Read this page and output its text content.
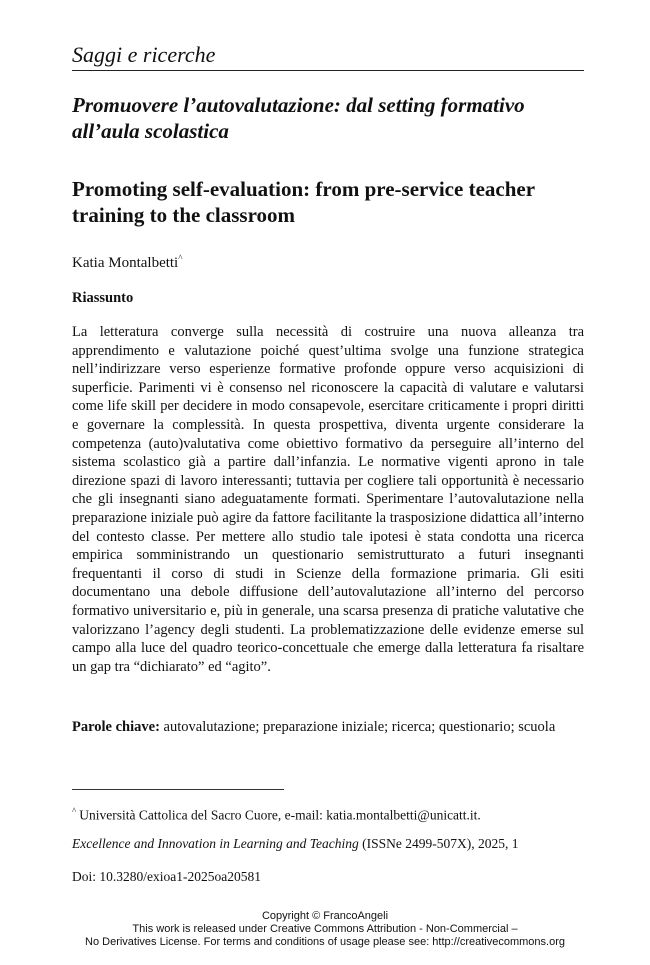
Saggi e ricerche
Promuovere l’autovalutazione: dal setting formativo all’aula scolastica
Promoting self-evaluation: from pre-service teacher training to the classroom
Katia Montalbetti^
Riassunto

La letteratura converge sulla necessità di costruire una nuova alleanza tra apprendimento e valutazione poiché quest’ultima svolge una funzione strategica nell’indirizzare verso esperienze formative profonde oppure verso acquisizioni di superficie. Parimenti vi è consenso nel riconoscere la capacità di valutare e valutarsi come life skill per decidere in modo consapevole, esercitare criticamente i propri diritti e governare la complessità. In questa prospettiva, diventa urgente considerare la competenza (auto)valutativa come obiettivo formativo da perseguire all’interno del sistema scolastico già a partire dall’infanzia. Le normative vigenti aprono in tale direzione spazi di lavoro interessanti; tuttavia per cogliere tali opportunità è necessario che gli insegnanti siano adeguatamente formati. Sperimentare l’autovalutazione nella preparazione iniziale può agire da fattore facilitante la trasposizione didattica all’interno del contesto classe. Per mettere allo studio tale ipotesi è stata condotta una ricerca empirica somministrando un questionario semistrutturato a futuri insegnanti frequentanti il corso di studi in Scienze della formazione primaria. Gli esiti documentano una debole diffusione dell’autovalutazione all’interno del percorso formativo universitario e, più in generale, una scarsa presenza di pratiche valutative che valorizzano l’agency degli studenti. La problematizzazione delle evidenze emerse sul campo alla luce del quadro teorico-concettuale che emerge dalla letteratura fa risaltare un gap tra “dichiarato” ed “agito”.

Parole chiave: autovalutazione; preparazione iniziale; ricerca; questionario; scuola

^ Università Cattolica del Sacro Cuore, e-mail: katia.montalbetti@unicatt.it.
Excellence and Innovation in Learning and Teaching (ISSNe 2499-507X), 2025, 1
Doi: 10.3280/exioa1-2025oa20581
Copyright © FrancoAngeli
This work is released under Creative Commons Attribution - Non-Commercial –
No Derivatives License. For terms and conditions of usage please see: http://creativecommons.org
